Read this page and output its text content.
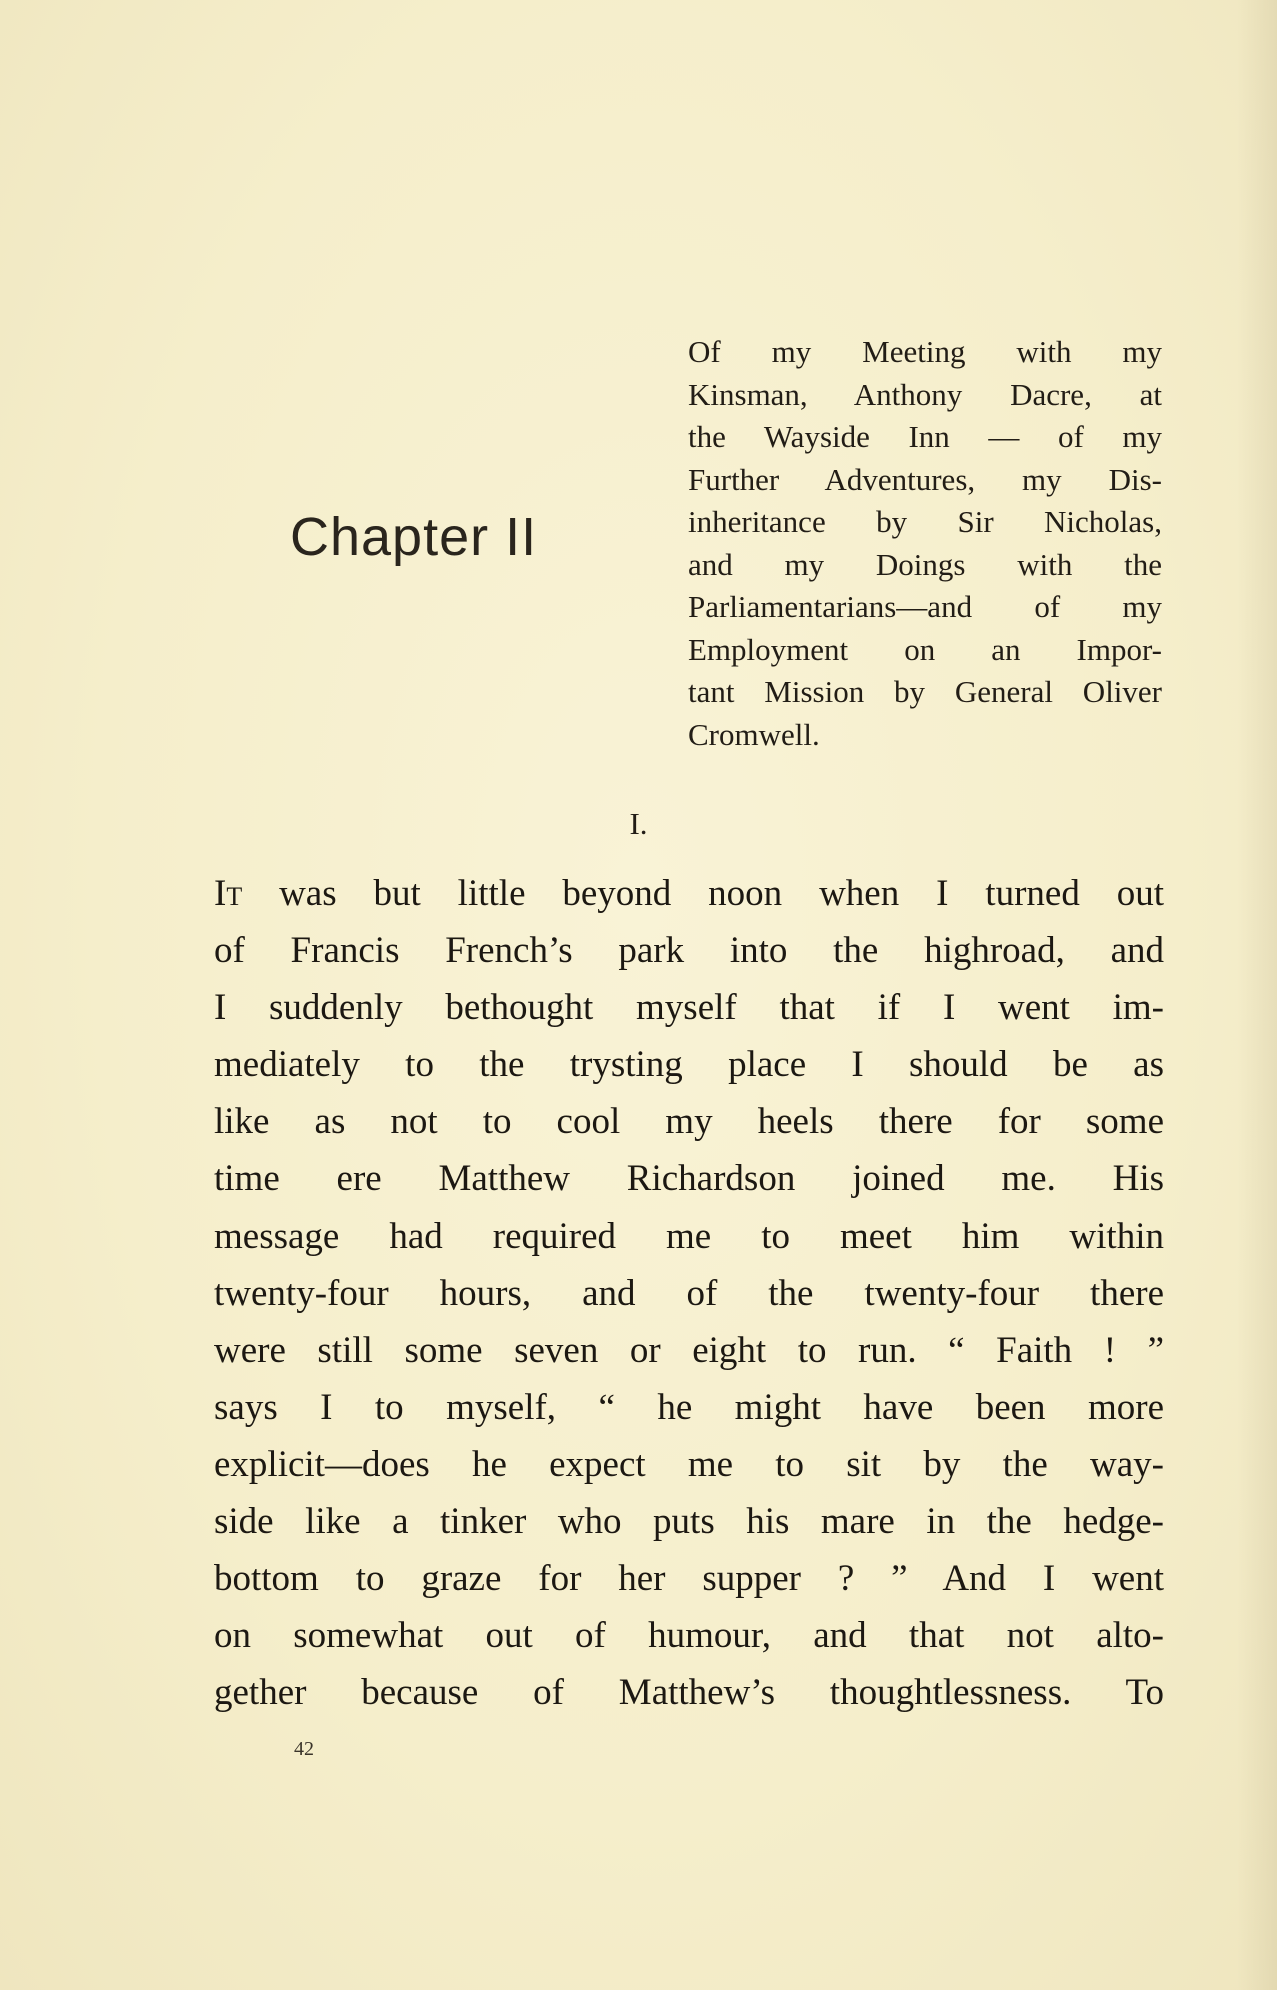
Chapter II
Of my Meeting with my
Kinsman, Anthony Dacre, at
the Wayside Inn — of my
Further Adventures, my Dis-
inheritance by Sir Nicholas,
and my Doings with the
Parliamentarians—and of my
Employment on an Impor-
tant Mission by General Oliver
Cromwell.
I.
It was but little beyond noon when I turned out
of Francis French’s park into the highroad, and
I suddenly bethought myself that if I went im-
mediately to the trysting place I should be as
like as not to cool my heels there for some
time ere Matthew Richardson joined me. His
message had required me to meet him within
twenty-four hours, and of the twenty-four there
were still some seven or eight to run. “ Faith ! ”
says I to myself, “ he might have been more
explicit—does he expect me to sit by the way-
side like a tinker who puts his mare in the hedge-
bottom to graze for her supper ? ” And I went
on somewhat out of humour, and that not alto-
gether because of Matthew’s thoughtlessness. To
42
